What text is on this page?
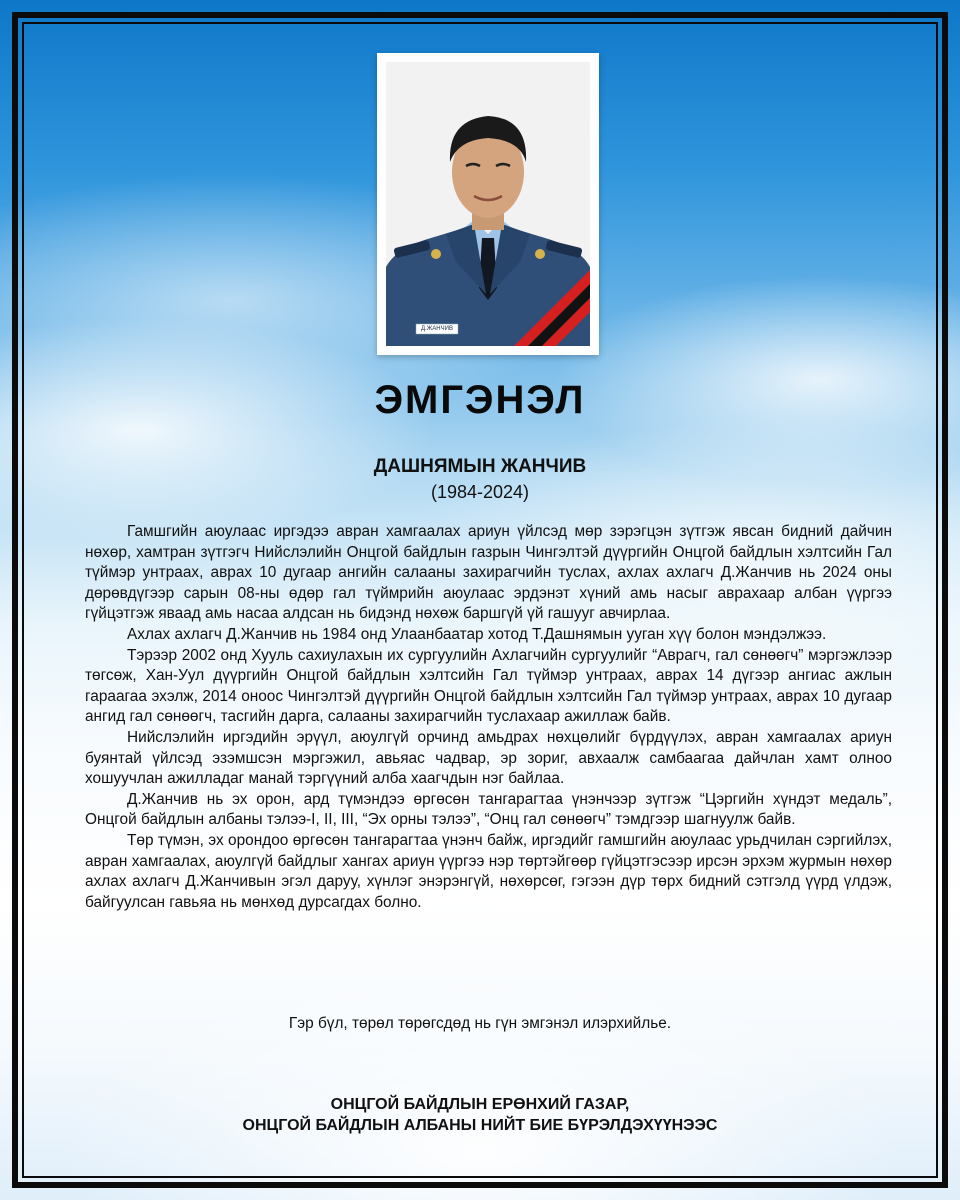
Д.ЖАНЧИВ
ЭМГЭНЭЛ
ДАШНЯМЫН ЖАНЧИВ
(1984-2024)

Гамшгийн аюулаас иргэдээ авран хамгаалах ариун үйлсэд мөр зэрэгцэн зүтгэж явсан бидний дайчин нөхөр, хамтран зүтгэгч Нийслэлийн Онцгой байдлын газрын Чингэлтэй дүүргийн Онцгой байдлын хэлтсийн Гал түймэр унтраах, аврах 10 дугаар ангийн салааны захирагчийн туслах, ахлах ахлагч Д.Жанчив нь 2024 оны дөрөвдүгээр сарын 08-ны өдөр гал түймрийн аюулаас эрдэнэт хүний амь насыг аврахаар албан үүргээ гүйцэтгэж яваад амь насаа алдсан нь бидэнд нөхөж баршгүй үй гашууг авчирлаа.

Ахлах ахлагч Д.Жанчив нь 1984 онд Улаанбаатар хотод Т.Дашнямын ууган хүү болон мэндэлжээ.

Тэрээр 2002 онд Хууль сахиулахын их сургуулийн Ахлагчийн сургуулийг “Аврагч, гал сөнөөгч” мэргэжлээр төгсөж, Хан-Уул дүүргийн Онцгой байдлын хэлтсийн Гал түймэр унтраах, аврах 14 дүгээр ангиас ажлын гараагаа эхэлж, 2014 оноос Чингэлтэй дүүргийн Онцгой байдлын хэлтсийн Гал түймэр унтраах, аврах 10 дугаар ангид гал сөнөөгч, тасгийн дарга, салааны захирагчийн туслахаар ажиллаж байв.

Нийслэлийн иргэдийн эрүүл, аюулгүй орчинд амьдрах нөхцөлийг бүрдүүлэх, авран хамгаалах ариун буянтай үйлсэд эзэмшсэн мэргэжил, авьяас чадвар, эр зориг, авхаалж самбаагаа дайчлан хамт олноо хошуучлан ажилладаг манай тэргүүний алба хаагчдын нэг байлаа.

Д.Жанчив нь эх орон, ард түмэндээ өргөсөн тангарагтаа үнэнчээр зүтгэж “Цэргийн хүндэт медаль”, Онцгой байдлын албаны тэлээ-I, II, III, “Эх орны тэлээ”, “Онц гал сөнөөгч” тэмдгээр шагнуулж байв.

Төр түмэн, эх орондоо өргөсөн тангарагтаа үнэнч байж, иргэдийг гамшгийн аюулаас урьдчилан сэргийлэх, авран хамгаалах, аюулгүй байдлыг хангах ариун үүргээ нэр төртэйгөөр гүйцэтгэсээр ирсэн эрхэм журмын нөхөр ахлах ахлагч Д.Жанчивын эгэл даруу, хүнлэг энэрэнгүй, нөхөрсөг, гэгээн дүр төрх бидний сэтгэлд үүрд үлдэж, байгуулсан гавьяа нь мөнхөд дурсагдах болно.

Гэр бүл, төрөл төрөгсдөд нь гүн эмгэнэл илэрхийлье.
ОНЦГОЙ БАЙДЛЫН ЕРӨНХИЙ ГАЗАР,
ОНЦГОЙ БАЙДЛЫН АЛБАНЫ НИЙТ БИЕ БҮРЭЛДЭХҮҮНЭЭС
